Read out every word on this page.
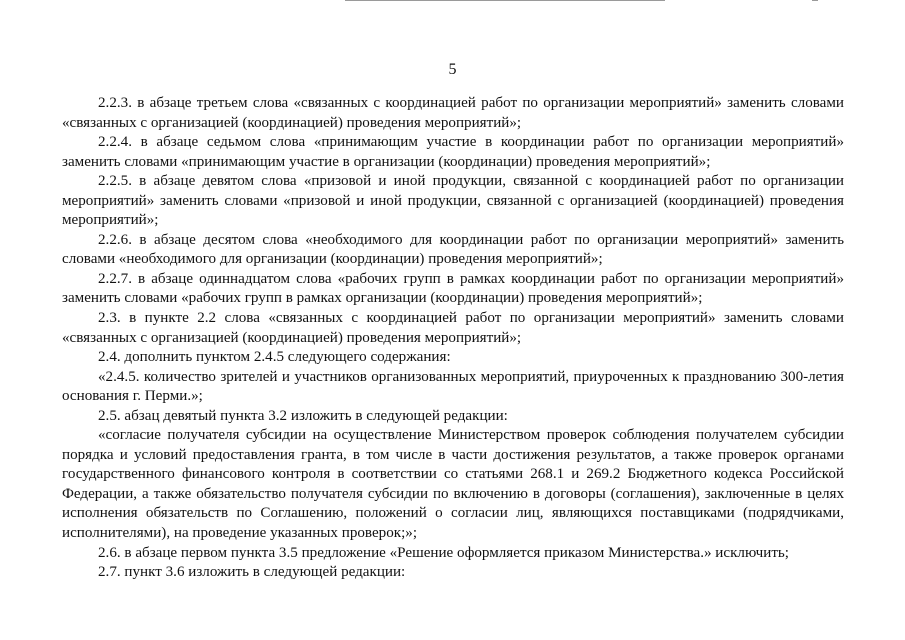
5

2.2.3. в абзаце третьем слова «связанных с координацией работ по организации мероприятий» заменить словами «связанных с организацией (координацией) проведения мероприятий»;

2.2.4. в абзаце седьмом слова «принимающим участие в координации работ по организации мероприятий» заменить словами «принимающим участие в организации (координации) проведения мероприятий»;

2.2.5. в абзаце девятом слова «призовой и иной продукции, связанной с координацией работ по организации мероприятий» заменить словами «призовой и иной продукции, связанной с организацией (координацией) проведения мероприятий»;

2.2.6. в абзаце десятом слова «необходимого для координации работ по организации мероприятий» заменить словами «необходимого для организации (координации) проведения мероприятий»;

2.2.7. в абзаце одиннадцатом слова «рабочих групп в рамках координации работ по организации мероприятий» заменить словами «рабочих групп в рамках организации (координации) проведения мероприятий»;

2.3. в пункте 2.2 слова «связанных с координацией работ по организации мероприятий» заменить словами «связанных с организацией (координацией) проведения мероприятий»;

2.4. дополнить пунктом 2.4.5 следующего содержания:

«2.4.5. количество зрителей и участников организованных мероприятий, приуроченных к празднованию 300-летия основания г. Перми.»;

2.5. абзац девятый пункта 3.2 изложить в следующей редакции:

«согласие получателя субсидии на осуществление Министерством проверок соблюдения получателем субсидии порядка и условий предоставления гранта, в том числе в части достижения результатов, а также проверок органами государственного финансового контроля в соответствии со статьями 268.1 и 269.2 Бюджетного кодекса Российской Федерации, а также обязательство получателя субсидии по включению в договоры (соглашения), заключенные в целях исполнения обязательств по Соглашению, положений о согласии лиц, являющихся поставщиками (подрядчиками, исполнителями), на проведение указанных проверок;»;

2.6. в абзаце первом пункта 3.5 предложение «Решение оформляется приказом Министерства.» исключить;

2.7. пункт 3.6 изложить в следующей редакции:
